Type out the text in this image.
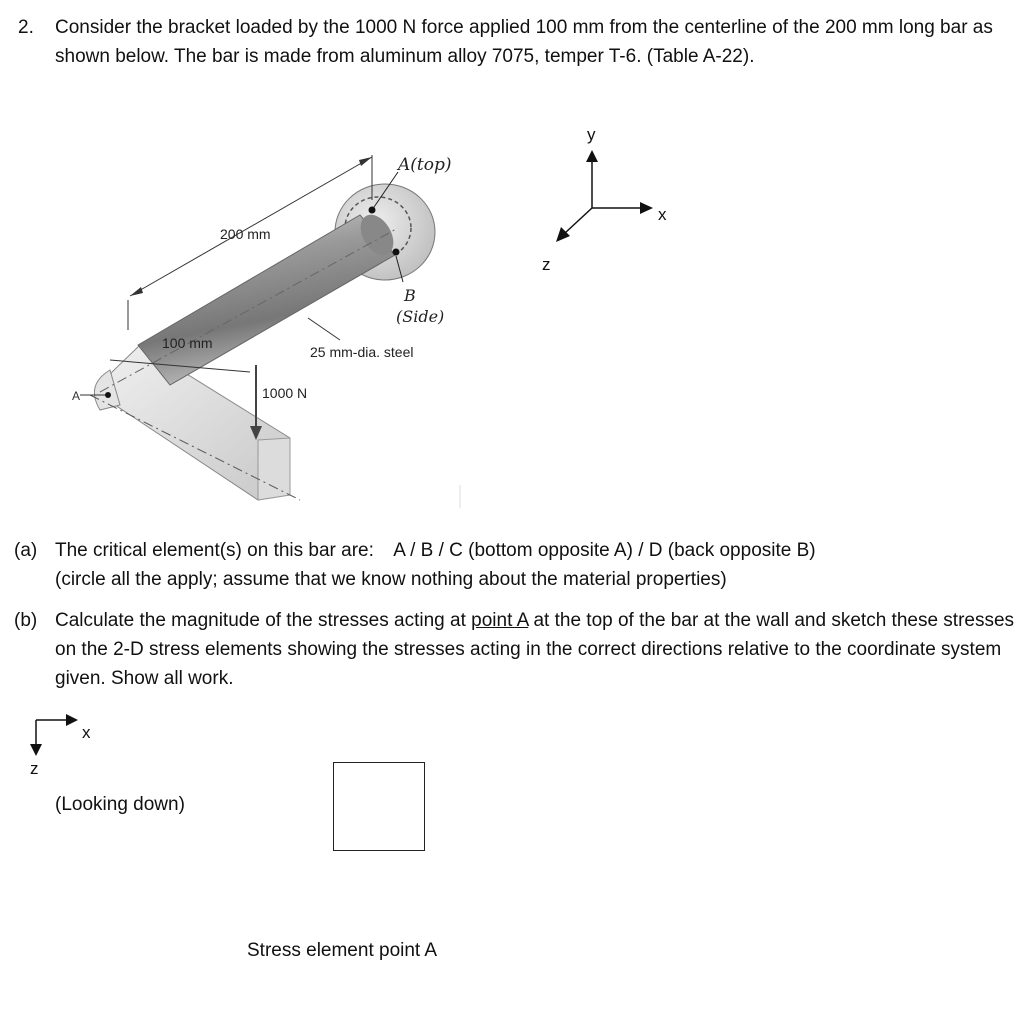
2. Consider the bracket loaded by the 1000 N force applied 100 mm from the centerline of the 200 mm long bar as shown below. The bar is made from aluminum alloy 7075, temper T-6. (Table A-22).
200 mm
100 mm
1000 N
25 mm-dia. steel
A(top)
B
(Side)
A
y
x
z
(a) The critical element(s) on this bar are: A / B / C (bottom opposite A) / D (back opposite B)
(circle all the apply; assume that we know nothing about the material properties)
(b) Calculate the magnitude of the stresses acting at point A at the top of the bar at the wall and sketch these stresses on the 2-D stress elements showing the stresses acting in the correct directions relative to the coordinate system given. Show all work.
x
z
(Looking down)
Stress element point A
